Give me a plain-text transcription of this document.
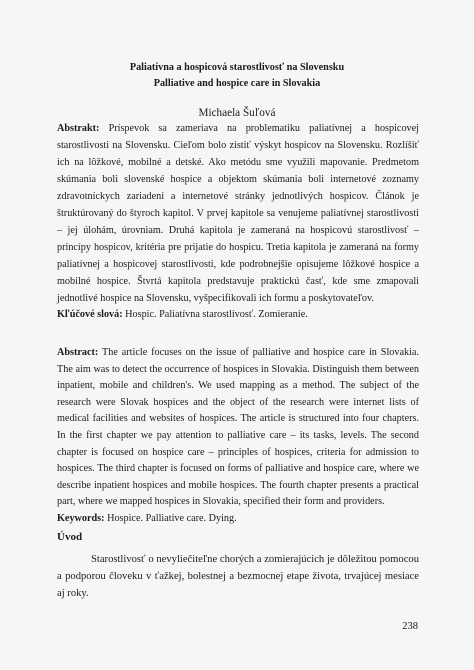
Paliatívna a hospicová starostlivosť na Slovensku
Palliative and hospice care in Slovakia
Michaela Šuľová
Abstrakt: Príspevok sa zameriava na problematiku paliatívnej a hospicovej starostlivosti na Slovensku. Cieľom bolo zistiť výskyt hospicov na Slovensku. Rozlíšiť ich na lôžkové, mobilné a detské. Ako metódu sme využili mapovanie. Predmetom skúmania boli slovenské hospice a objektom skúmania boli internetové zoznamy zdravotníckych zariadení a internetové stránky jednotlivých hospicov. Článok je štruktúrovaný do štyroch kapitol. V prvej kapitole sa venujeme paliatívnej starostlivosti – jej úlohám, úrovniam. Druhá kapitola je zameraná na hospicovú starostlivosť – princípy hospicov, kritéria pre prijatie do hospicu. Tretia kapitola je zameraná na formy paliatívnej a hospicovej starostlivosti, kde podrobnejšie opisujeme lôžkové hospice a mobilné hospice. Štvrtá kapitola predstavuje praktickú časť, kde sme zmapovali jednotlivé hospice na Slovensku, vyšpecifikovali ich formu a poskytovateľov.
Kľúčové slová: Hospic. Paliatívna starostlivosť. Zomieranie.
Abstract: The article focuses on the issue of palliative and hospice care in Slovakia. The aim was to detect the occurrence of hospices in Slovakia. Distinguish them between inpatient, mobile and children's. We used mapping as a method. The subject of the research were Slovak hospices and the object of the research were internet lists of medical facilities and websites of hospices. The article is structured into four chapters. In the first chapter we pay attention to palliative care – its tasks, levels. The second chapter is focused on hospice care – principles of hospices, criteria for admission to hospices. The third chapter is focused on forms of palliative and hospice care, where we describe inpatient hospices and mobile hospices. The fourth chapter presents a practical part, where we mapped hospices in Slovakia, specified their form and providers.
Keywords: Hospice. Palliative care. Dying.
Úvod
Starostlivosť o nevyliečiteľne chorých a zomierajúcich je dôležitou pomocou a podporou človeku v ťažkej, bolestnej a bezmocnej etape života, trvajúcej mesiace aj roky.
238
